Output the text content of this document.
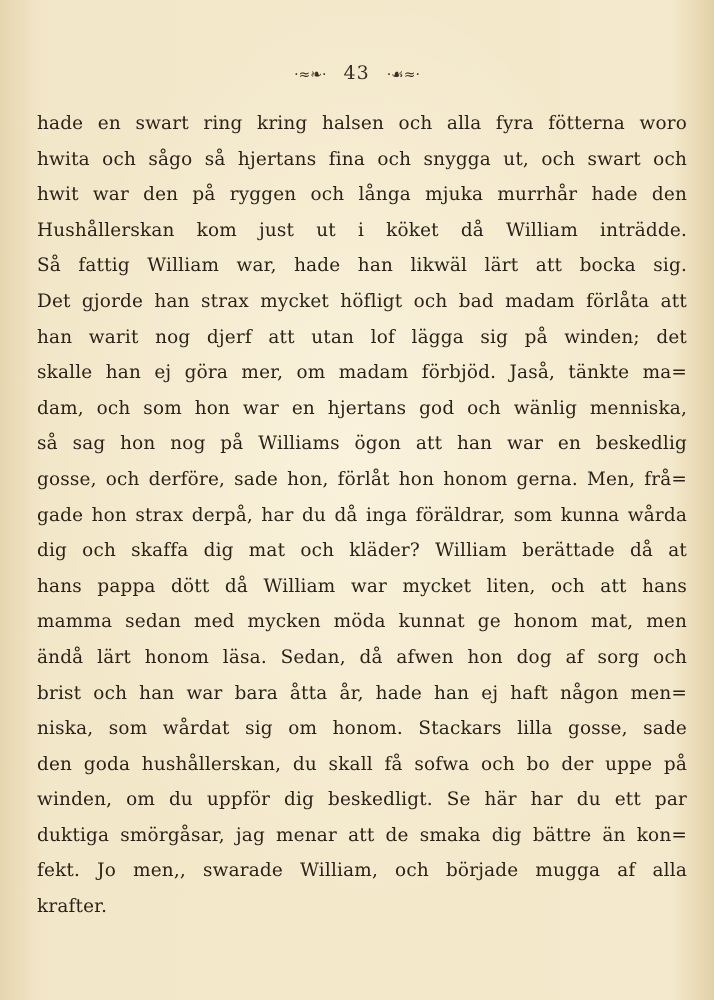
·≈❧· 43 ·☙≈·
hade en swart ring kring halsen och alla fyra fötterna woro
hwita och sågo så hjertans fina och snygga ut, och swart och
hwit war den på ryggen och långa mjuka murrhår hade den
Hushållerskan kom just ut i köket då William inträdde.
Så fattig William war, hade han likwäl lärt att bocka sig.
Det gjorde han strax mycket höfligt och bad madam förlåta att
han warit nog djerf att utan lof lägga sig på winden; det
skalle han ej göra mer, om madam förbjöd. Jaså, tänkte ma=
dam, och som hon war en hjertans god och wänlig menniska,
så sag hon nog på Williams ögon att han war en beskedlig
gosse, och derföre, sade hon, förlåt hon honom gerna. Men, frå=
gade hon strax derpå, har du då inga föräldrar, som kunna wårda
dig och skaffa dig mat och kläder? William berättade då at
hans pappa dött då William war mycket liten, och att hans
mamma sedan med mycken möda kunnat ge honom mat, men
ändå lärt honom läsa. Sedan, då afwen hon dog af sorg och
brist och han war bara åtta år, hade han ej haft någon men=
niska, som wårdat sig om honom. Stackars lilla gosse, sade
den goda hushållerskan, du skall få sofwa och bo der uppe på
winden, om du uppför dig beskedligt. Se här har du ett par
duktiga smörgåsar, jag menar att de smaka dig bättre än kon=
fekt. Jo men,, swarade William, och började mugga af alla
krafter.
